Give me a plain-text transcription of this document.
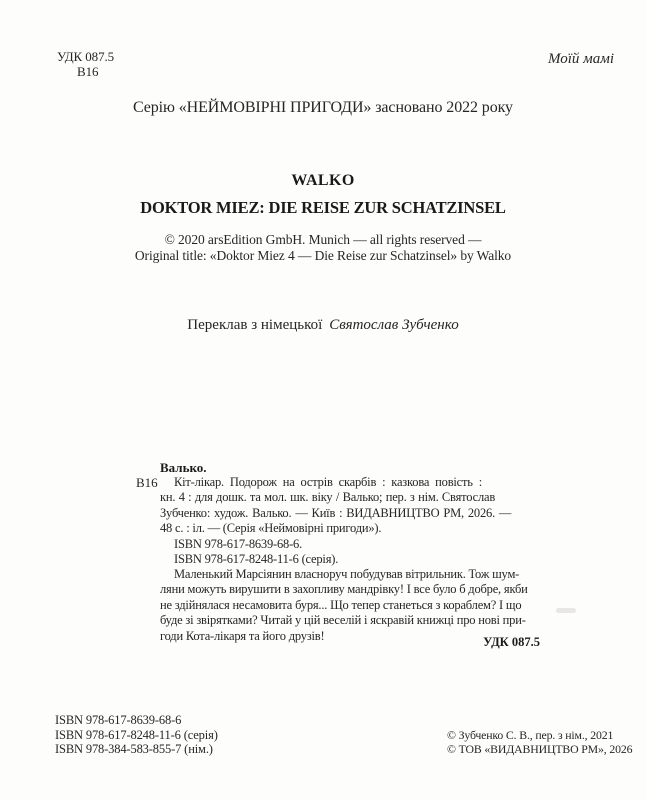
УДК 087.5
В16
Моїй мамі
Серію «НЕЙМОВІРНІ ПРИГОДИ» засновано 2022 року
WALKO
DOKTOR MIEZ: DIE REISE ZUR SCHATZINSEL
© 2020 arsEdition GmbH. Munich — all rights reserved —
Original title: «Doktor Miez 4 — Die Reise zur Schatzinsel» by Walko
Переклав з німецької Святослав Зубченко
Валько.
В16	Кіт-лікар. Подорож на острів скарбів : казкова повість :
кн. 4 : для дошк. та мол. шк. віку / Валько; пер. з нім. Святослав
Зубченко: худож. Валько. — Київ : ВИДАВНИЦТВО РМ, 2026. —
48 с. : іл. — (Серія «Неймовірні пригоди»).
ISBN 978-617-8639-68-6.
ISBN 978-617-8248-11-6 (серія).
Маленький Марсіянин власноруч побудував вітрильник. Тож шум-
ляни можуть вирушити в захопливу мандрівку! І все було б добре, якби
не здійнялася несамовита буря... Що тепер станеться з кораблем? І що
буде зі звірятками? Читай у цій веселій і яскравій книжці про нові при-
годи Кота-лікаря та його друзів!	УДК 087.5
ISBN 978-617-8639-68-6
ISBN 978-617-8248-11-6 (серія)
ISBN 978-384-583-855-7 (нім.)
© Зубченко С. В., пер. з нім., 2021
© ТОВ «ВИДАВНИЦТВО РМ», 2026
